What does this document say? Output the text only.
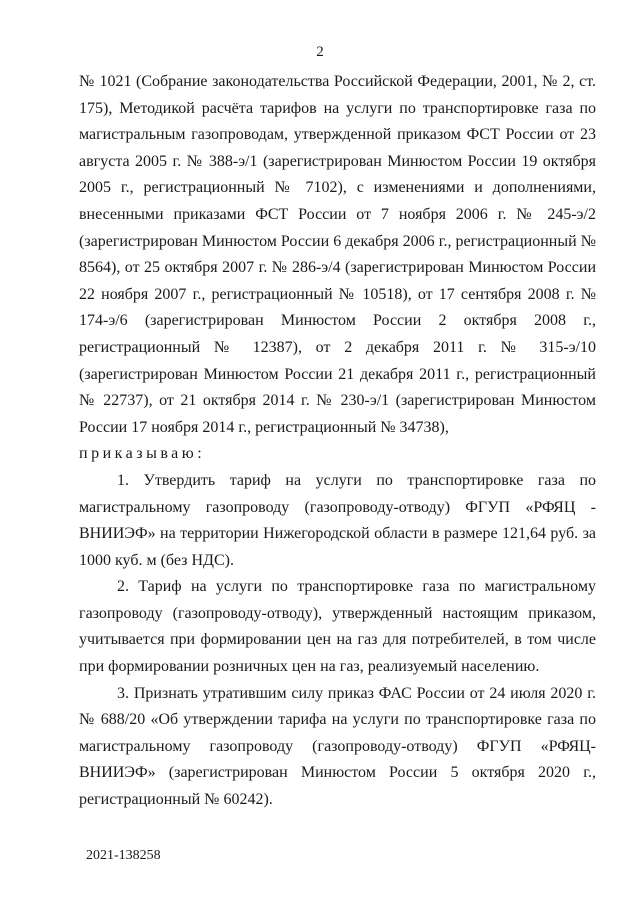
2

№ 1021 (Собрание законодательства Российской Федерации, 2001, № 2, ст. 175), Методикой расчёта тарифов на услуги по транспортировке газа по магистральным газопроводам, утвержденной приказом ФСТ России от 23 августа 2005 г. № 388-э/1 (зарегистрирован Минюстом России 19 октября 2005 г., регистрационный № 7102), с изменениями и дополнениями, внесенными приказами ФСТ России от 7 ноября 2006 г. № 245-э/2 (зарегистрирован Минюстом России 6 декабря 2006 г., регистрационный № 8564), от 25 октября 2007 г. № 286-э/4 (зарегистрирован Минюстом России 22 ноября 2007 г., регистрационный № 10518), от 17 сентября 2008 г. № 174-э/6 (зарегистрирован Минюстом России 2 октября 2008 г., регистрационный № 12387), от 2 декабря 2011 г. № 315-э/10 (зарегистрирован Минюстом России 21 декабря 2011 г., регистрационный № 22737), от 21 октября 2014 г. № 230-э/1 (зарегистрирован Минюстом России 17 ноября 2014 г., регистрационный № 34738),

приказываю:

1. Утвердить тариф на услуги по транспортировке газа по магистральному газопроводу (газопроводу-отводу) ФГУП «РФЯЦ - ВНИИЭФ» на территории Нижегородской области в размере 121,64 руб. за 1000 куб. м (без НДС).

2. Тариф на услуги по транспортировке газа по магистральному газопроводу (газопроводу-отводу), утвержденный настоящим приказом, учитывается при формировании цен на газ для потребителей, в том числе при формировании розничных цен на газ, реализуемый населению.

3. Признать утратившим силу приказ ФАС России от 24 июля 2020 г. № 688/20 «Об утверждении тарифа на услуги по транспортировке газа по магистральному газопроводу (газопроводу-отводу) ФГУП «РФЯЦ-ВНИИЭФ» (зарегистрирован Минюстом России 5 октября 2020 г., регистрационный № 60242).

2021-138258
